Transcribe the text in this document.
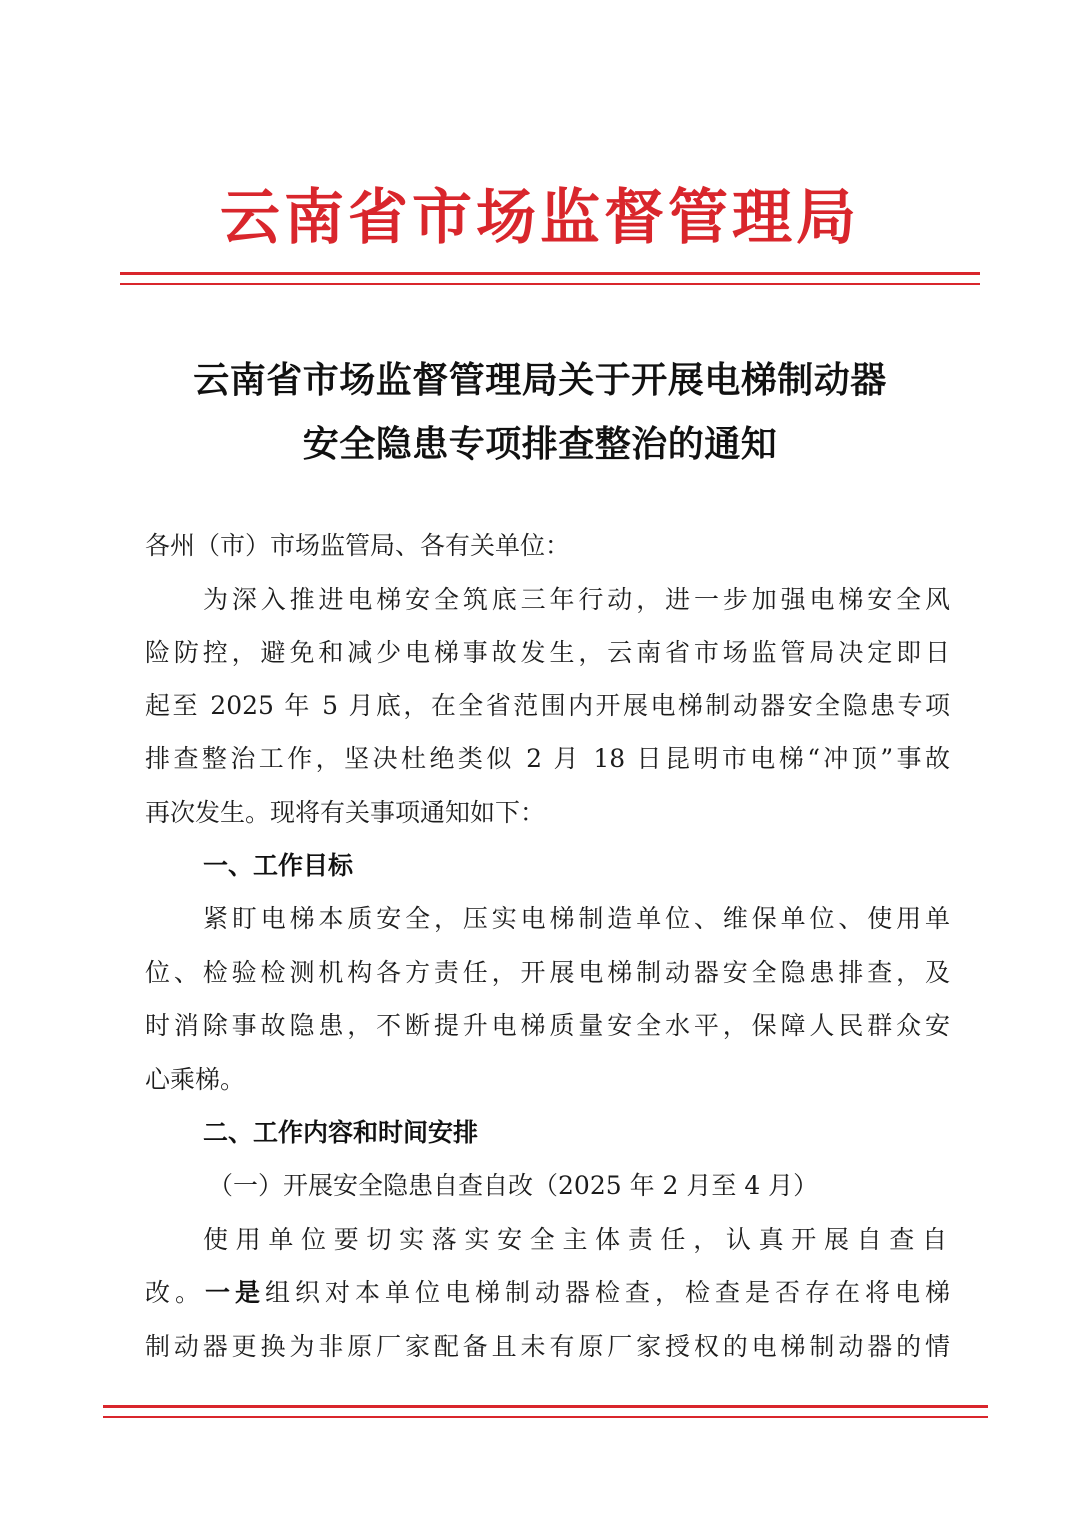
云南省市场监督管理局
云南省市场监督管理局关于开展电梯制动器
安全隐患专项排查整治的通知
各州（市）市场监管局、各有关单位：
为深入推进电梯安全筑底三年行动，进一步加强电梯安全风
险防控，避免和减少电梯事故发生，云南省市场监管局决定即日
起至 2025 年 5 月底，在全省范围内开展电梯制动器安全隐患专项
排查整治工作，坚决杜绝类似 2 月 18 日昆明市电梯“冲顶”事故
再次发生。现将有关事项通知如下：
一、工作目标
紧盯电梯本质安全，压实电梯制造单位、维保单位、使用单
位、检验检测机构各方责任，开展电梯制动器安全隐患排查，及
时消除事故隐患，不断提升电梯质量安全水平，保障人民群众安
心乘梯。
二、工作内容和时间安排
（一）开展安全隐患自查自改（2025 年 2 月至 4 月）
使用单位要切实落实安全主体责任，认真开展自查自
改。一是组织对本单位电梯制动器检查，检查是否存在将电梯
制动器更换为非原厂家配备且未有原厂家授权的电梯制动器的情
